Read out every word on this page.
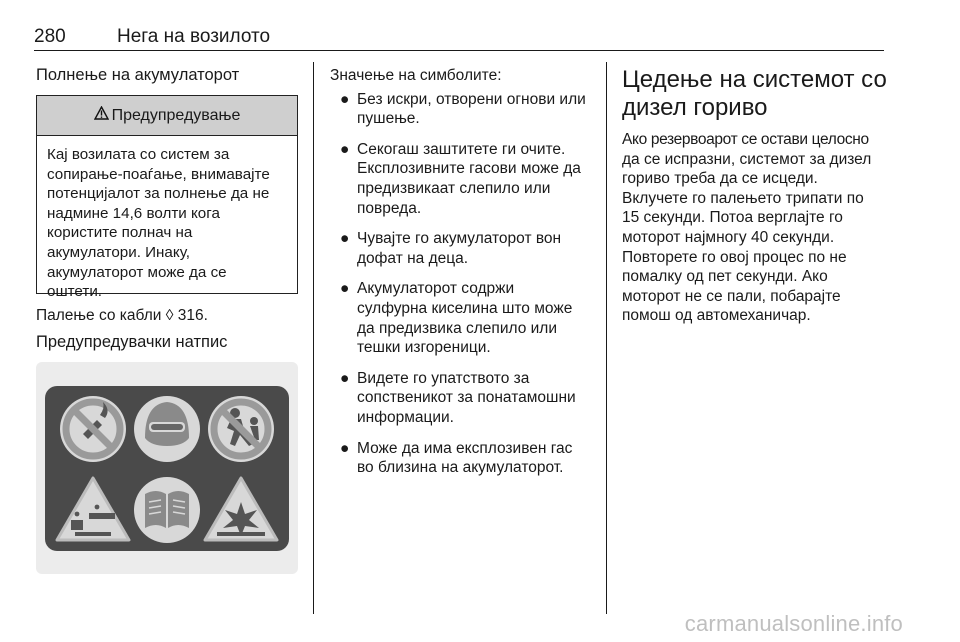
280	Нега на возилото
Полнење на акумулаторот
Предупредување
Кај возилата со систем за
сопирање-поаѓање, внимавајте
потенцијалот за полнење да не
надмине 14,6 волти кога
користите полнач на
акумулатори. Инаку,
акумулаторот може да се
оштети.
Палење со кабли ◊ 316.
Предупредувачки натпис
Значење на симболите:
● Без искри, отворени огнови или
пушење.
● Секогаш заштитете ги очите.
Експлозивните гасови може да
предизвикаат слепило или
повреда.
● Чувајте го акумулаторот вон
дофат на деца.
● Акумулаторот содржи
сулфурна киселина што може
да предизвика слепило или
тешки изгореници.
● Видете го упатството за
сопственикот за понатамошни
информации.
● Може да има експлозивен гас
во близина на акумулаторот.
Цедење на системот со
дизел гориво
Ако резервоарот се остави целосно
да се испразни, системот за дизел
гориво треба да се исцеди.
Вклучете го палењето трипати по
15 секунди. Потоа верглајте го
моторот најмногу 40 секунди.
Повторете го овој процес по не
помалку од пет секунди. Ако
моторот не се пали, побарајте
помош од автомеханичар.
carmanualsonline.info
